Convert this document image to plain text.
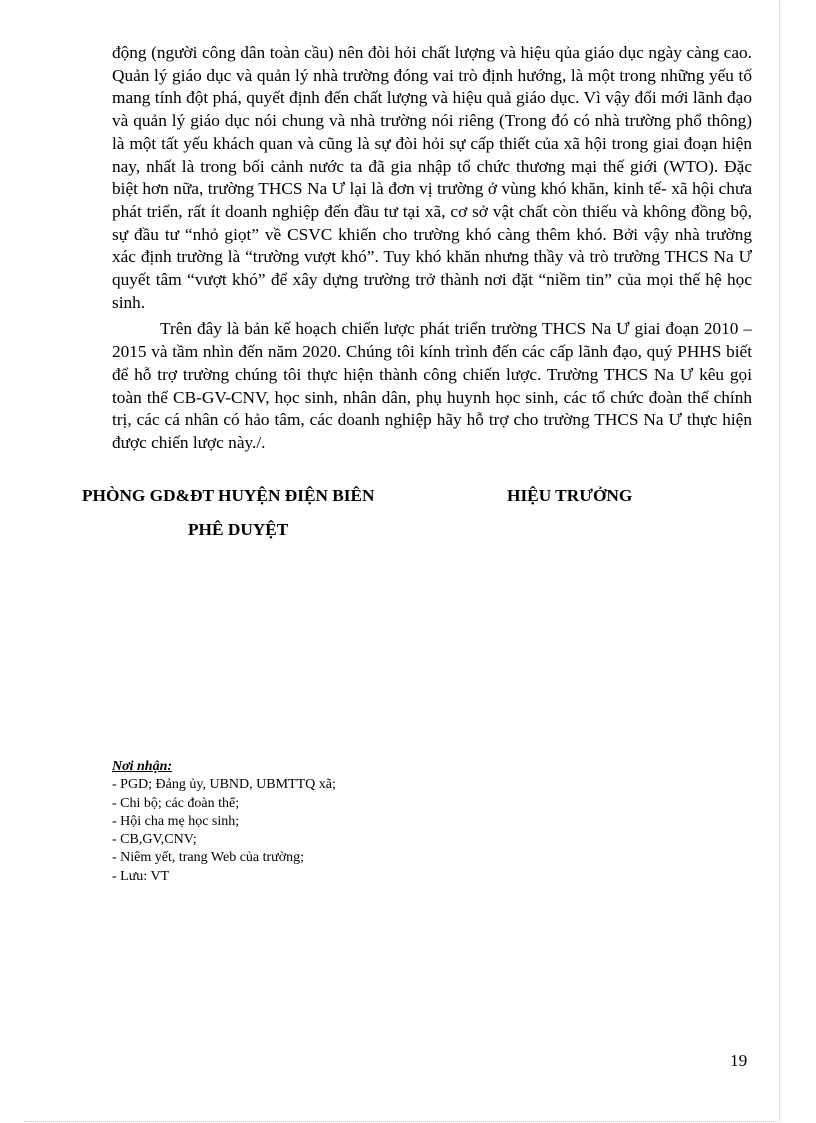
động (người công dân toàn cầu) nên đòi hỏi chất lượng và hiệu qủa giáo dục ngày càng cao. Quản lý giáo dục và quản lý nhà trường đóng vai trò định hướng, là một trong những yếu tố mang tính đột phá, quyết định đến chất lượng và hiệu quả giáo dục. Vì vậy đổi mới lãnh đạo và quản lý giáo dục nói chung và nhà trường nói riêng (Trong đó có nhà trường phổ thông) là một tất yếu khách quan và cũng là sự đòi hỏi sự cấp thiết của xã hội trong giai đoạn hiện nay, nhất là trong bối cảnh nước ta đã gia nhập tổ chức thương mại thế giới (WTO). Đặc biệt hơn nữa, trường THCS Na Ư lại là đơn vị trường ở vùng khó khăn, kinh tế- xã hội chưa phát triển, rất ít doanh nghiệp đến đầu tư tại xã, cơ sở vật chất còn thiếu và không đồng bộ, sự đầu tư “nhỏ giọt” về CSVC khiến cho trường khó càng thêm khó. Bởi vậy nhà trường xác định trường là “trường vượt khó”. Tuy khó khăn nhưng thầy và trò trường THCS Na Ư quyết tâm “vượt khó” để xây dựng trường trở thành nơi đặt “niềm tin” của mọi thế hệ học sinh.

Trên đây là bản kế hoạch chiến lược phát triển trường THCS Na Ư giai đoạn 2010 – 2015 và tầm nhìn đến năm 2020. Chúng tôi kính trình đến các cấp lãnh đạo, quý PHHS biết để hỗ trợ trường chúng tôi thực hiện thành công chiến lược. Trường THCS Na Ư kêu gọi toàn thể CB-GV-CNV, học sinh, nhân dân, phụ huynh học sinh, các tổ chức đoàn thể chính trị, các cá nhân có hảo tâm, các doanh nghiệp hãy hỗ trợ cho trường THCS Na Ư thực hiện được chiến lược này./.

PHÒNG GD&ĐT HUYỆN ĐIỆN BIÊN
PHÊ DUYỆT
HIỆU TRƯỞNG
Nơi nhận:
- PGD; Đảng ủy, UBND, UBMTTQ xã;
- Chi bộ; các đoàn thể;
- Hội cha mẹ học sinh;
- CB,GV,CNV;
- Niêm yết, trang Web của trường;
- Lưu: VT
19
